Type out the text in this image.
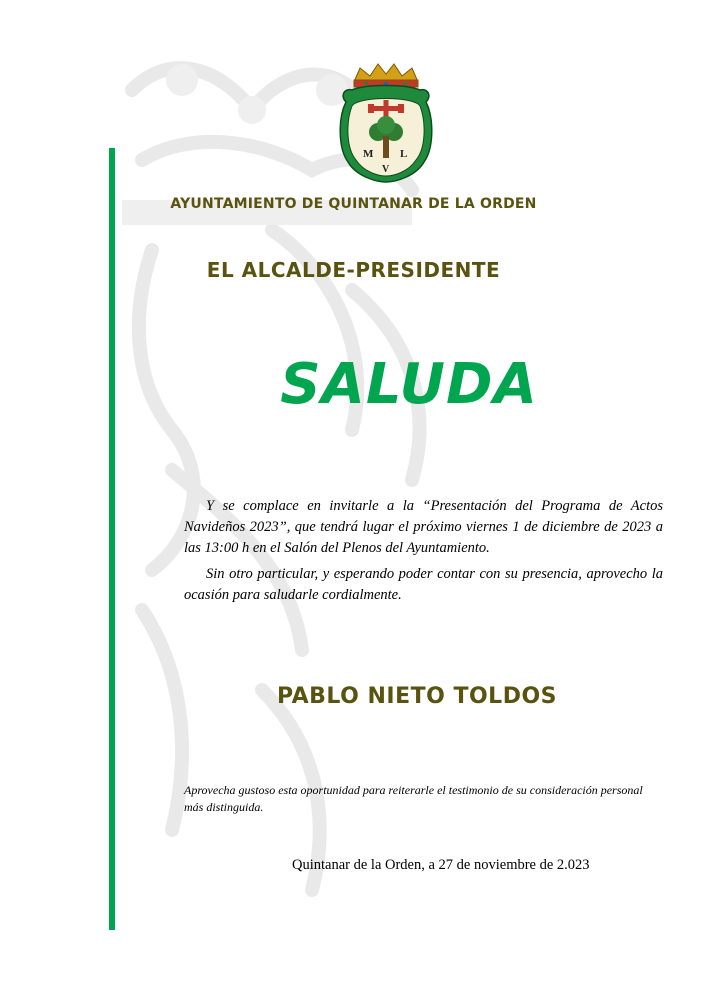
M L
V
AYUNTAMIENTO DE QUINTANAR DE LA ORDEN
EL ALCALDE-PRESIDENTE
SALUDA

Y se complace en invitarle a la “Presentación del Programa de Actos Navideños 2023”, que tendrá lugar el próximo viernes 1 de diciembre de 2023 a las 13:00 h en el Salón del Plenos del Ayuntamiento.

Sin otro particular, y esperando poder contar con su presencia, aprovecho la ocasión para saludarle cordialmente.

PABLO NIETO TOLDOS
Aprovecha gustoso esta oportunidad para reiterarle el testimonio de su consideración personal más distinguida.
Quintanar de la Orden, a 27 de noviembre de 2.023
